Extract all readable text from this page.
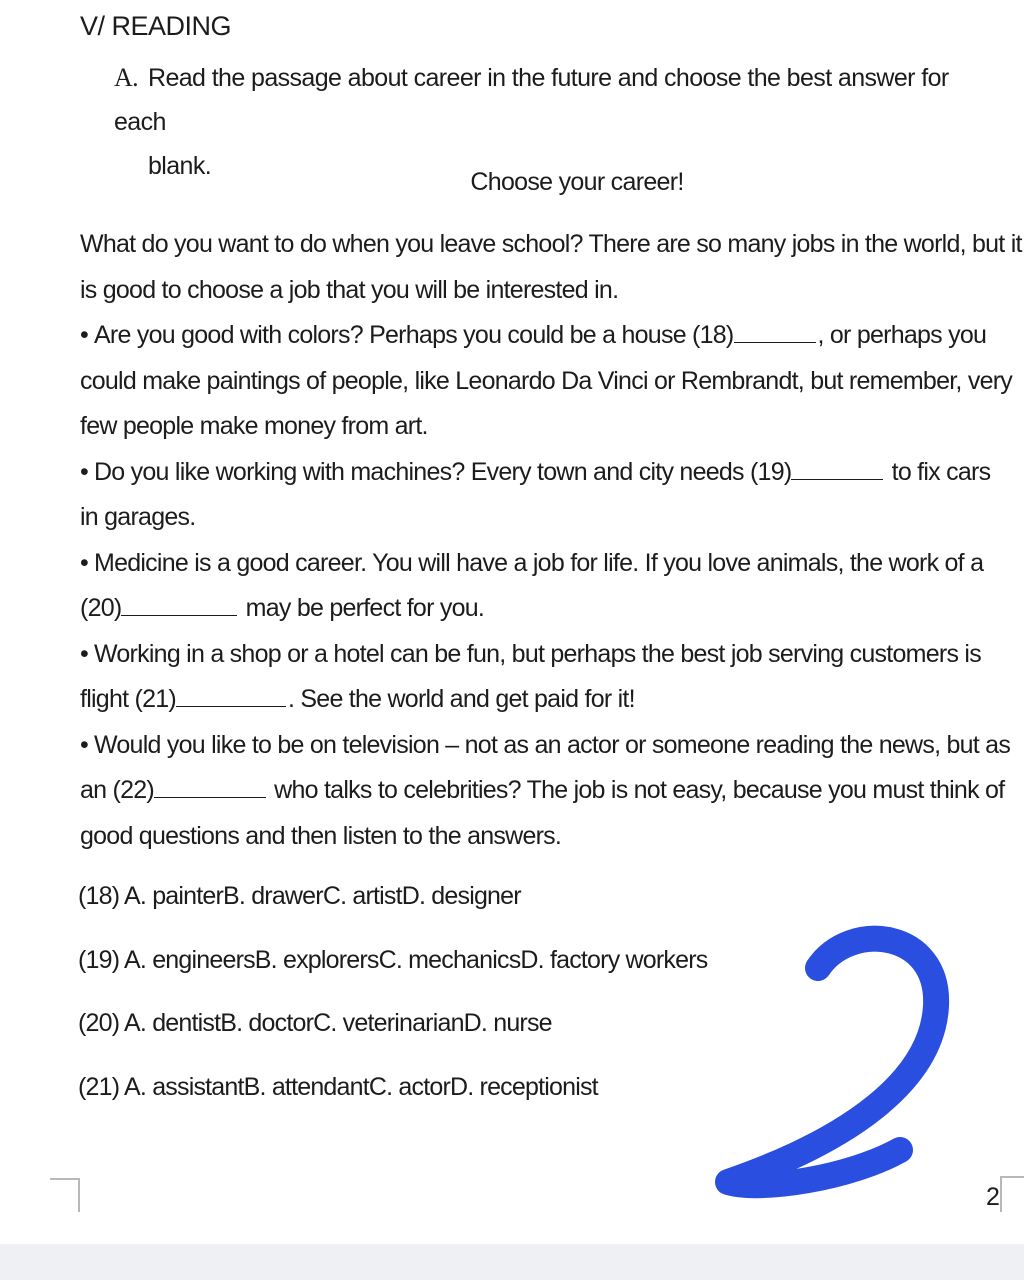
V/ READING
A. Read the passage about career in the future and choose the best answer for each
blank.
Choose your career!

What do you want to do when you leave school? There are so many jobs in the world, but it
is good to choose a job that you will be interested in.

• Are you good with colors? Perhaps you could be a house (18)	, or perhaps you
could make paintings of people, like Leonardo Da Vinci or Rembrandt, but remember, very
few people make money from art.

• Do you like working with machines? Every town and city needs (19)	to fix cars
in garages.

• Medicine is a good career. You will have a job for life. If you love animals, the work of a
(20)	may be perfect for you.

• Working in a shop or a hotel can be fun, but perhaps the best job serving customers is
flight (21)	. See the world and get paid for it!

• Would you like to be on television – not as an actor or someone reading the news, but as
an (22)	who talks to celebrities? The job is not easy, because you must think of
good questions and then listen to the answers.

(18) A. painterB. drawerC. artistD. designer
(19) A. engineersB. explorersC. mechanicsD. factory workers
(20) A. dentistB. doctorC. veterinarianD. nurse
(21) A. assistantB. attendantC. actorD. receptionist
2
